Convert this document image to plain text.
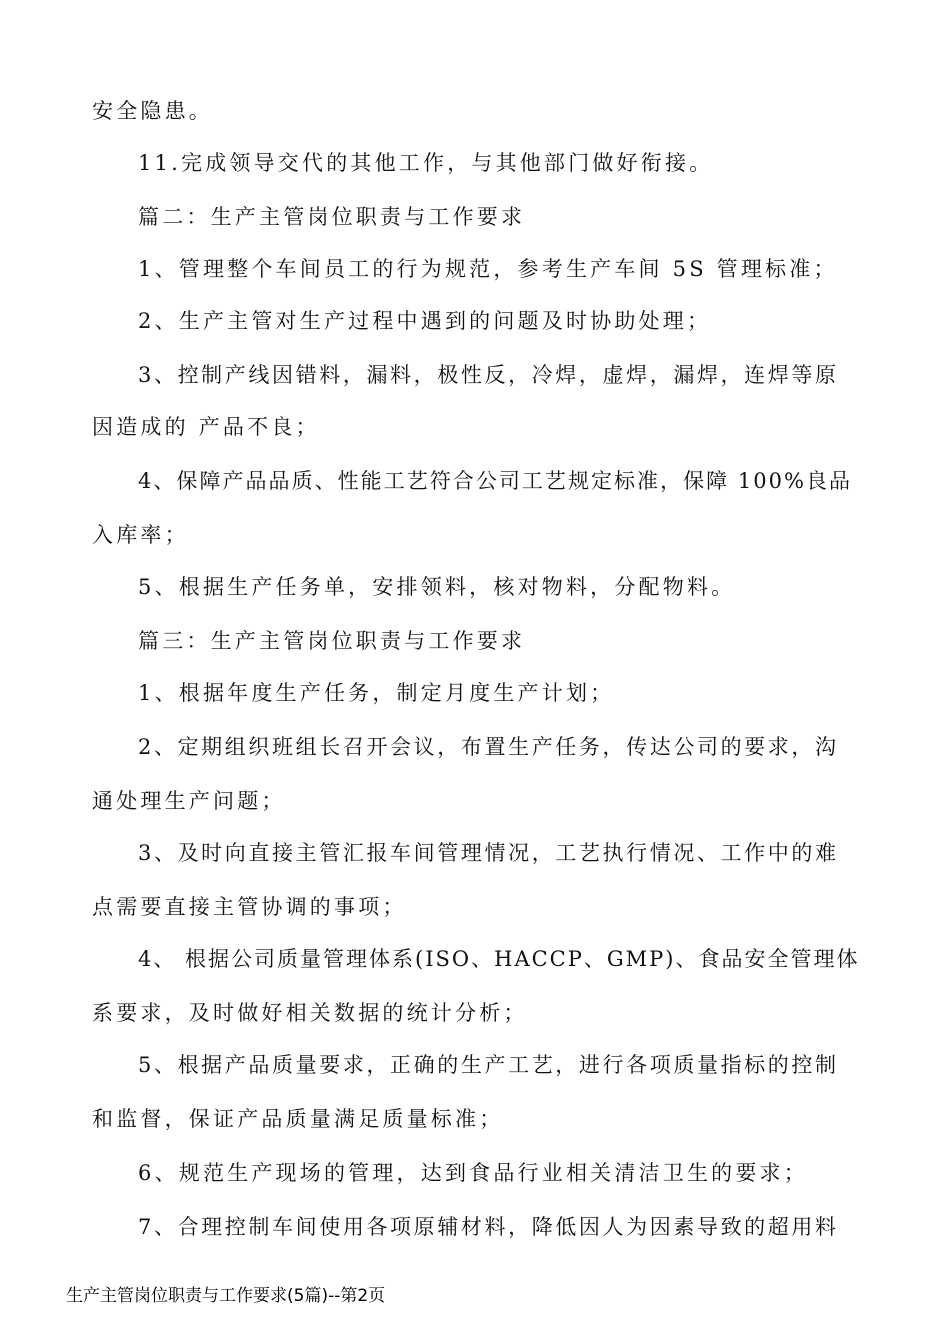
安全隐患。
11.完成领导交代的其他工作，与其他部门做好衔接。
篇二：生产主管岗位职责与工作要求
1、管理整个车间员工的行为规范，参考生产车间 5S 管理标准；
2、生产主管对生产过程中遇到的问题及时协助处理；
3、控制产线因错料，漏料，极性反，冷焊，虚焊，漏焊，连焊等原
因造成的 产品不良；
4、保障产品品质、性能工艺符合公司工艺规定标准，保障 100%良品
入库率；
5、根据生产任务单，安排领料，核对物料，分配物料。
篇三：生产主管岗位职责与工作要求
1、根据年度生产任务，制定月度生产计划；
2、定期组织班组长召开会议，布置生产任务，传达公司的要求，沟
通处理生产问题；
3、及时向直接主管汇报车间管理情况，工艺执行情况、工作中的难
点需要直接主管协调的事项；
4、 根据公司质量管理体系(ISO、HACCP、GMP)、食品安全管理体
系要求，及时做好相关数据的统计分析；
5、根据产品质量要求，正确的生产工艺，进行各项质量指标的控制
和监督，保证产品质量满足质量标准；
6、规范生产现场的管理，达到食品行业相关清洁卫生的要求；
7、合理控制车间使用各项原辅材料，降低因人为因素导致的超用料
生产主管岗位职责与工作要求(5篇)--第2页
